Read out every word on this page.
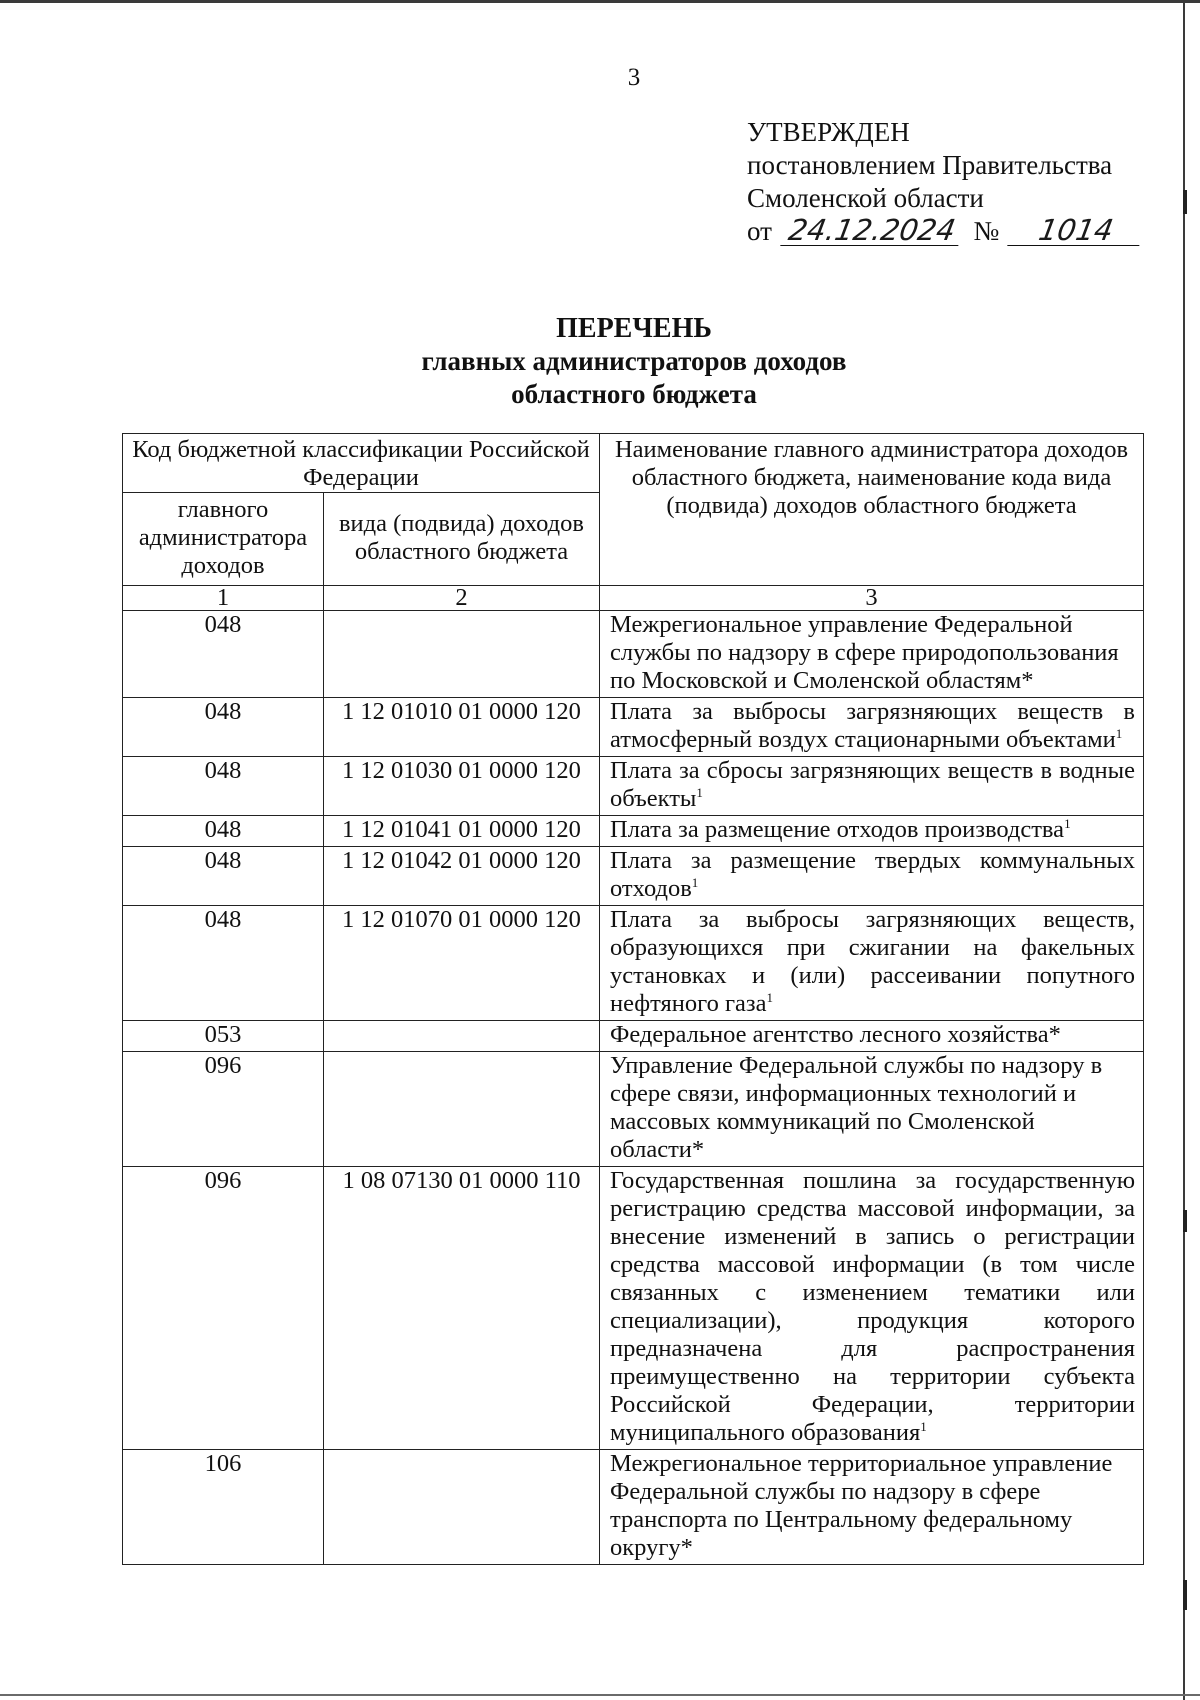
3
УТВЕРЖДЕН
постановлением Правительства
Смоленской области
от 24.12.2024 № 1014
ПЕРЕЧЕНЬ
главных администраторов доходов
областного бюджета
Код бюджетной классификации Российской Федерации		Наименование главного администратора доходов областного бюджета, наименование кода вида (подвида) доходов областного бюджета
главного администратора доходов	вида (подвида) доходов областного бюджета	
1	2	3
048		Межрегиональное управление Федеральной службы по надзору в сфере природопользования по Московской и Смоленской областям*
048	1 12 01010 01 0000 120	Плата за выбросы загрязняющих веществ в атмосферный воздух стационарными объектами$^1$
048	1 12 01030 01 0000 120	Плата за сбросы загрязняющих веществ в водные объекты$^1$
048	1 12 01041 01 0000 120	Плата за размещение отходов производства$^1$
048	1 12 01042 01 0000 120	Плата за размещение твердых коммунальных отходов$^1$
048	1 12 01070 01 0000 120	Плата за выбросы загрязняющих веществ, образующихся при сжигании на факельных установках и (или) рассеивании попутного нефтяного газа$^1$
053		Федеральное агентство лесного хозяйства*
096		Управление Федеральной службы по надзору в сфере связи, информационных технологий и массовых коммуникаций по Смоленской области*
096	1 08 07130 01 0000 110	Государственная пошлина за государственную регистрацию средства массовой информации, за внесение изменений в запись о регистрации средства массовой информации (в том числе связанных с изменением тематики или специализации), продукция которого предназначена для распространения преимущественно на территории субъекта Российской Федерации, территории муниципального образования$^1$
106		Межрегиональное территориальное управление Федеральной службы по надзору в сфере транспорта по Центральному федеральному округу*
